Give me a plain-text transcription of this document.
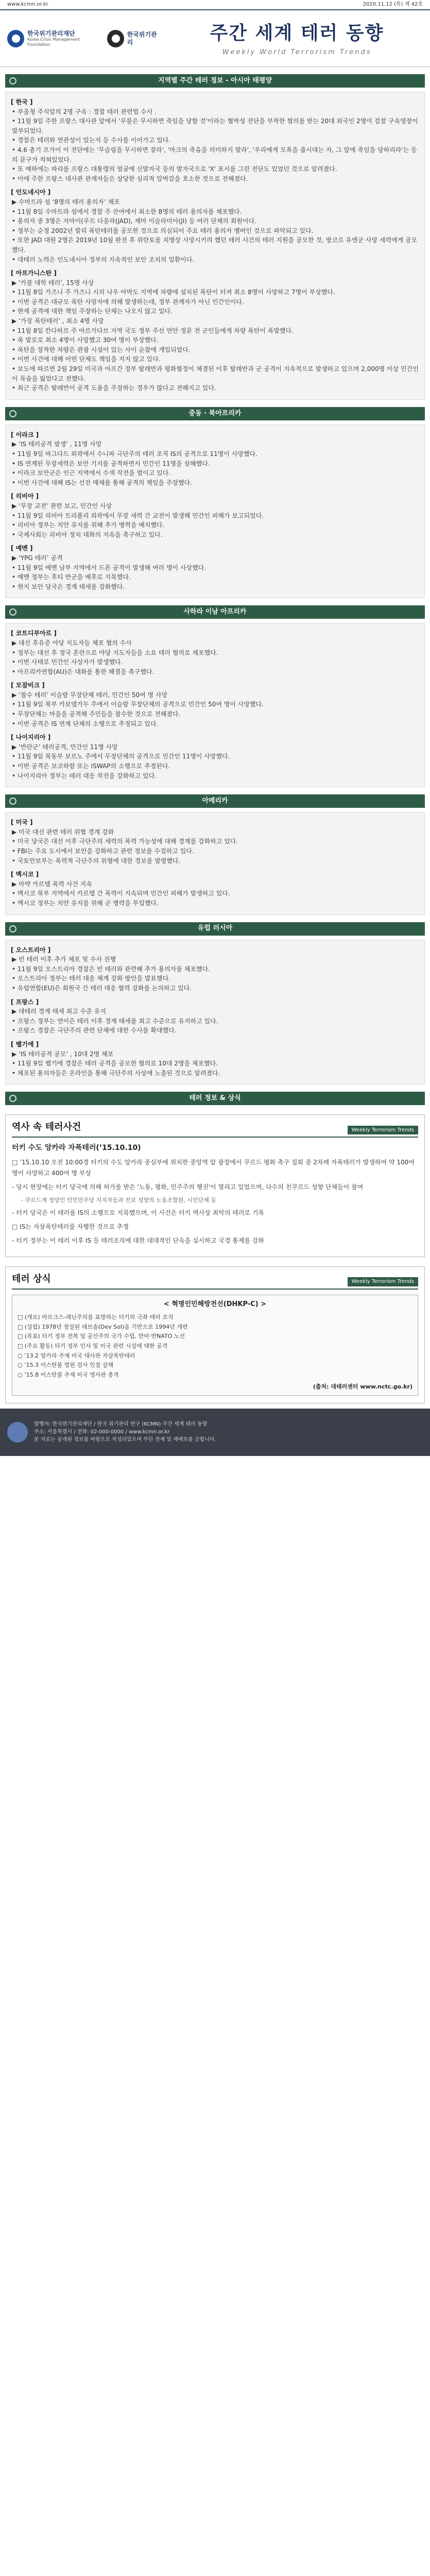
www.kcmn.or.kr	2020.11.12 (목) 제 42호
한국위기관리재단
Korea Crisis Management Foundation
한국위기관리	주간 세계 테러 동향
Weekly World Terrorism Trends
지역별 주간 테러 정보 - 아시아 태평양
[ 한국 ]
• 부울청 주식앞의 2명 구속 : 경찰 테러 관련법 수사 .
• 11월 9일 주한 프랑스 대사관 앞에서 '루불은 무시하면 죽임을 당할 것'이라는 협박성 전단을 부착한 혐의를 받는 20대 외국인 2명이 검찰 구속영장이 발부되었다.
• 경찰은 테러와 연관성이 있는지 등 수사를 이어가고 있다.
• 4.6 총기 프가이 이 전단에는 '무슬림을 무시하면 잘라', '마크의 죽음을 의미하지 말라', '우리에게 모욕을 줍시대는 자, 그 앞에 죽임을 당하리라'는 등의 문구가 적혀있었다.
• 또 예하에는 파리를 프랑스 대통령의 얼굴에 신발자국 등의 발자국으로 'X' 표시를 그린 전단도 있었던 것으로 알려졌다.
• 이에 주한 프랑스 대사관 관계자들은 상당한 심리적 압박감을 호소한 것으로 전해졌다.
[ 인도네시아 ]
▶ 수마트라 섬 ‘8명의 테러 용의자’ 체포
• 11월 8일 수마트라 섬에서 경찰 주 잔여에서 최소한 8명의 테러 용의자를 체포했다.
• 용의자 중 3명은 자마이(루트 다울라(JAD), 제마 이슬라미아(JI) 등 여러 단체의 회원이다.
• 정부는 순정 2002년 발리 폭탄테러를 공모한 것으로 의심되어 주요 테러 용의자 멤버인 것으로 파악되고 있다.
• 또한 JAD 대원 2명은 2019년 10월 완전 후 위란토를 치명상 사망시키려 했던 테러 사건의 테러 지원을 공모한 것, 방코르 유엔군 사망 세력에게 공모했다.
• 대테러 노력은 인도네시아 정부의 지속적인 보안 조치의 일환이다.
[ 아프가니스탄 ]
▶ ‘카불 대학 테러’, 15명 사상
• 11월 8일 가즈니 주 가즈니 시의 나우 아박도 지역에 차량에 설치된 폭탄이 터져 최소 8명이 사망하고 7명이 부상했다.
• 이번 공격은 대규모 폭탄 사망자에 의해 발생하는데, 정부 관계자가 아닌 민간인이다.
• 현재 공격에 대한 책임 주장하는 단체는 나오지 않고 있다.
▶ ‘가장 폭탄테러’ , 최소 4명 사망
• 11월 8일 칸다하르 주 아르가다브 지역 국도 정부 주선 연안 정문 전 군인들에게 차량 폭탄이 폭발했다.
• 폭 발로로 최소 4명이 사망했고 30여 명이 부상했다.
• 폭탄을 장착한 차량은 관광 시설이 있는 사이 순찰에 개입되었다.
• 이번 사건에 대해 어떤 단체도 책임을 지지 않고 있다.
• 보도에 따르면 2월 29일 미국과 아프간 정부 탈레반과 평화협정이 체결된 이후 탈레반과 군 공격이 지속적으로 발생하고 있으며 2,000명 이상 민간인이 목숨을 잃었다고 전했다.
• 최근 공격은 탈레반이 공격 도움을 주장하는 경우가 많다고 전해지고 있다.
중동 · 북아프리카
[ 이라크 ]
▶ ‘IS 테러공격 발생’ , 11명 사망
• 11월 9일 바그다드 외곽에서 수니파 극단주의 테러 조직 IS의 공격으로 11명이 사망했다.
• IS 연계된 무장세력은 보안 기지를 공격하면서 민간인 11명을 살해했다.
• 이라크 보안군은 인근 지역에서 수색 작전을 벌이고 있다.
• 이번 사건에 대해 IS는 선전 매체를 통해 공격의 책임을 주장했다.
[ 리비아 ]
▶ ‘무장 교전’ 관련 보고, 민간인 사상
• 11월 9일 리비아 트리폴리 외곽에서 무장 세력 간 교전이 발생해 민간인 피해가 보고되었다.
• 리비아 정부는 치안 유지를 위해 추가 병력을 배치했다.
• 국제사회는 리비아 정치 대화의 지속을 촉구하고 있다.
[ 예멘 ]
▶ ‘YPG 테러’ 공격
• 11월 9일 예멘 남부 지역에서 드론 공격이 발생해 여러 명이 사상했다.
• 예멘 정부는 후티 반군을 배후로 지목했다.
• 현지 보안 당국은 경계 태세를 강화했다.
사하라 이남 아프리카
[ 코트디부아르 ]
▶ 대선 후유증 야당 지도자들 체포 협의 수사
• 정부는 대선 후 정국 혼란으로 야당 지도자들을 소요 테러 혐의로 체포했다.
• 이번 사태로 민간인 사상자가 발생했다.
• 아프리카연합(AU)은 대화를 통한 해결을 촉구했다.
[ 모잠비크 ]
▶ ‘참수 테러’ 이슬람 무장단체 테러, 민간인 50여 명 사망
• 11월 9일 북부 카보델가두 주에서 이슬람 무장단체의 공격으로 민간인 50여 명이 사망했다.
• 무장단체는 마을을 공격해 주민들을 참수한 것으로 전해졌다.
• 이번 공격은 IS 연계 단체의 소행으로 추정되고 있다.
[ 나이지리아 ]
▶ ‘반란군’ 테러공격, 민간인 11명 사망
• 11월 9일 북동부 보르노 주에서 무장단체의 공격으로 민간인 11명이 사망했다.
• 이번 공격은 보코하람 또는 ISWAP의 소행으로 추정된다.
• 나이지리아 정부는 테러 대응 작전을 강화하고 있다.
아메리카
[ 미국 ]
▶ 미국 대선 관련 테러 위협 경계 강화
• 미국 당국은 대선 이후 극단주의 세력의 폭력 가능성에 대해 경계를 강화하고 있다.
• FBI는 주요 도시에서 보안을 강화하고 관련 정보를 수집하고 있다.
• 국토안보부는 폭력적 극단주의 위협에 대한 경보를 발령했다.
[ 멕시코 ]
▶ 마약 카르텔 폭력 사건 지속
• 멕시코 북부 지역에서 카르텔 간 폭력이 지속되며 민간인 피해가 발생하고 있다.
• 멕시코 정부는 치안 유지를 위해 군 병력을 투입했다.
유럽 러시아
[ 오스트리아 ]
▶ 빈 테러 이후 추가 체포 및 수사 진행
• 11월 9일 오스트리아 경찰은 빈 테러와 관련해 추가 용의자를 체포했다.
• 오스트리아 정부는 테러 대응 체계 강화 방안을 발표했다.
• 유럽연합(EU)은 회원국 간 테러 대응 협력 강화를 논의하고 있다.
[ 프랑스 ]
▶ 대테러 경계 태세 최고 수준 유지
• 프랑스 정부는 연이은 테러 이후 경계 태세를 최고 수준으로 유지하고 있다.
• 프랑스 경찰은 극단주의 관련 단체에 대한 수사를 확대했다.
[ 벨기에 ]
▶ ‘IS 테러공격 공모’ , 10대 2명 체포
• 11월 9일 벨기에 경찰은 테러 공격을 공모한 혐의로 10대 2명을 체포했다.
• 체포된 용의자들은 온라인을 통해 극단주의 사상에 노출된 것으로 알려졌다.
테러 정보 & 상식
역사 속 테러사건	Weekly Terrorism Trends
터키 수도 앙카라 자폭테러(’15.10.10)
□ ’15.10.10 오전 10:00경 터키의 수도 앙카라 중심부에 위치한 중앙역 앞 광장에서 쿠르드 평화 촉구 집회 중 2차례 자폭테러가 발생하여 약 100여 명이 사망하고 400여 명 부상
- 당시 현장에는 터키 당국에 의해 허가를 받은 '노동, 평화, 민주주의 행진'이 열리고 있었으며, 다수의 친쿠르드 성향 단체들이 참여
- 쿠르드계 정당인 인민민주당 지지자들과 진보 성향의 노동조합원, 시민단체 등
- 터키 당국은 이 테러를 IS의 소행으로 지목했으며, 이 사건은 터키 역사상 최악의 테러로 기록
□ IS는 자살폭탄테러를 자행한 것으로 추정
- 터키 정부는 이 테러 이후 IS 등 테러조직에 대한 대대적인 단속을 실시하고 국경 통제를 강화
테러 상식	Weekly Terrorism Trends
< 혁명인민해방전선(DHKP-C) >
□ (개요) 마르크스-레닌주의를 표방하는 터키의 극좌 테러 조직
□ (설립) 1978년 창설된 데브솔(Dev Sol)을 기반으로 1994년 개편
□ (목표) 터키 정부 전복 및 공산주의 국가 수립, 반미·반NATO 노선
□ (주요 활동) 터키 정부 인사 및 미국 관련 시설에 대한 공격
○ ’13.2 앙카라 주재 미국 대사관 자살폭탄테러
○ ’15.3 이스탄불 법원 검사 인질 살해
○ ’15.8 이스탄불 주재 미국 영사관 총격
(출처: 대테러센터 www.nctc.go.kr)
발행처: 한국위기관리재단 / 한국 위기관리 연구 (KCMN) 주간 세계 테러 동향
주소: 서울특별시 / 전화: 02-000-0000 / www.kcmn.or.kr
본 자료는 공개된 정보를 바탕으로 작성되었으며 무단 전재 및 재배포를 금합니다.
